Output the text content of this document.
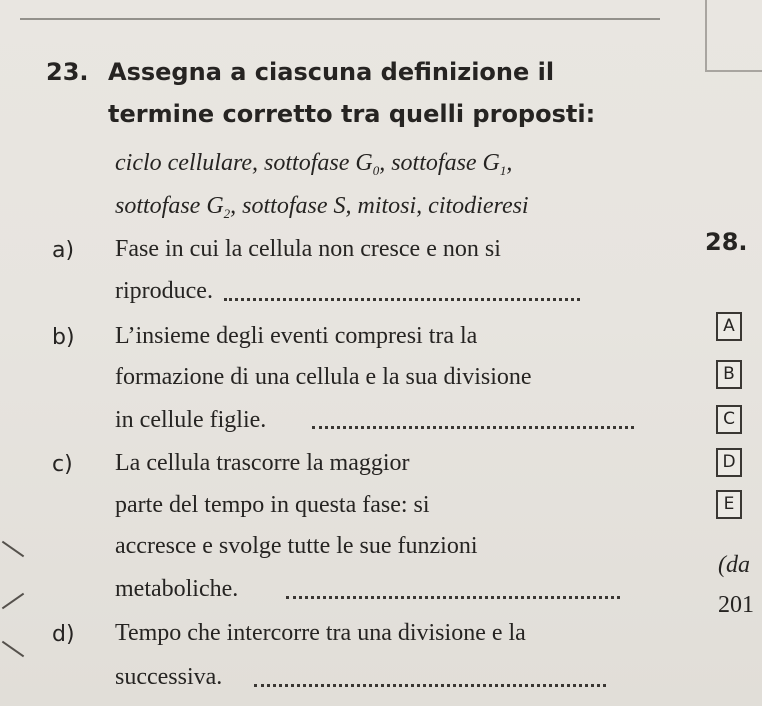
23. Assegna a ciascuna definizione il
termine corretto tra quelli proposti:
ciclo cellulare, sottofase $G_0$, sottofase $G_1$,
sottofase $G_2$, sottofase S, mitosi, citodieresi
a) Fase in cui la cellula non cresce e non si
riproduce.
b) L’insieme degli eventi compresi tra la
formazione di una cellula e la sua divisione
in cellule figlie.
c) La cellula trascorre la maggior
parte del tempo in questa fase: si
accresce e svolge tutte le sue funzioni
metaboliche.
d) Tempo che intercorre tra una divisione e la
successiva.
28.
A
B
C
D
E
(da
201
